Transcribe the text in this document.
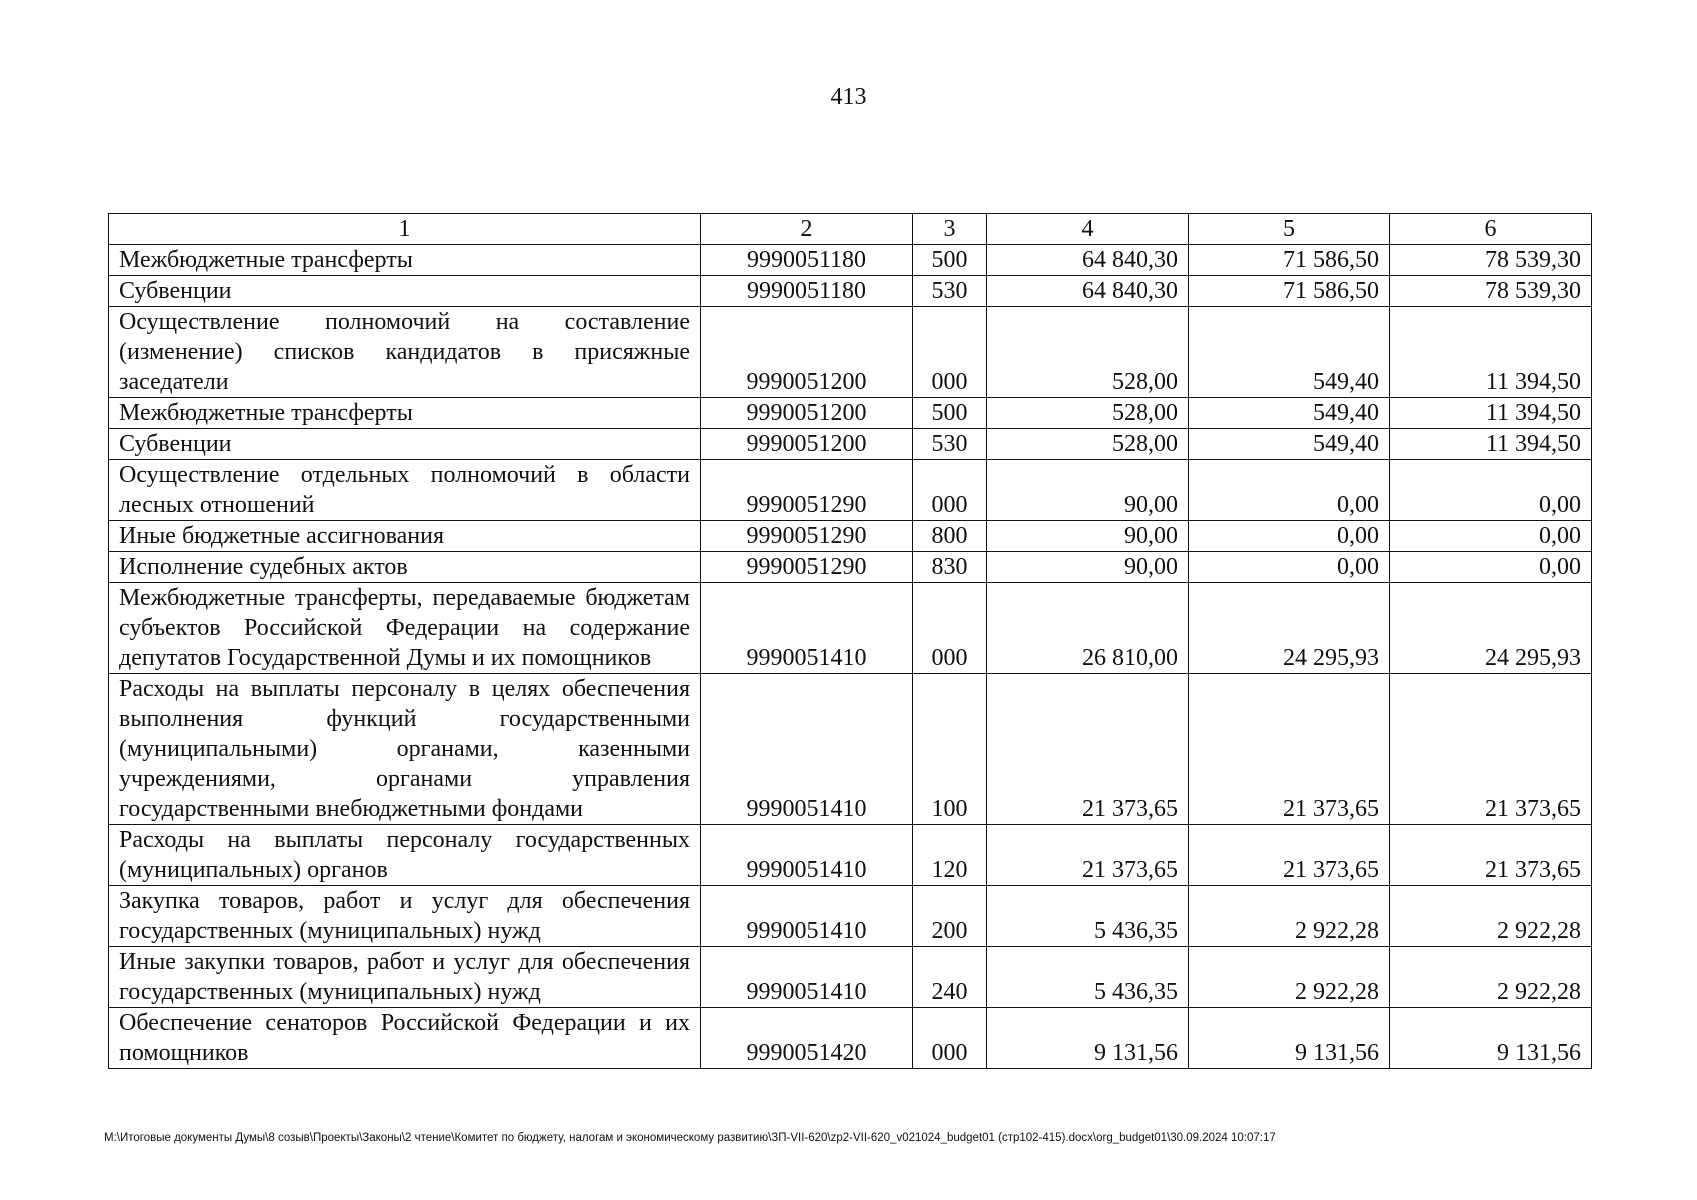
413
1	2	3	4	5	6
Межбюджетные трансферты	9990051180	500	64 840,30	71 586,50	78 539,30
Субвенции	9990051180	530	64 840,30	71 586,50	78 539,30
Осуществление полномочий на составление (изменение) списков кандидатов в присяжные заседатели	9990051200	000	528,00	549,40	11 394,50
Межбюджетные трансферты	9990051200	500	528,00	549,40	11 394,50
Субвенции	9990051200	530	528,00	549,40	11 394,50
Осуществление отдельных полномочий в области лесных отношений	9990051290	000	90,00	0,00	0,00
Иные бюджетные ассигнования	9990051290	800	90,00	0,00	0,00
Исполнение судебных актов	9990051290	830	90,00	0,00	0,00
Межбюджетные трансферты, передаваемые бюджетам субъектов Российской Федерации на содержание депутатов Государственной Думы и их помощников	9990051410	000	26 810,00	24 295,93	24 295,93
Расходы на выплаты персоналу в целях обеспечения выполнения функций государственными (муниципальными) органами, казенными учреждениями, органами управления государственными внебюджетными фондами	9990051410	100	21 373,65	21 373,65	21 373,65
Расходы на выплаты персоналу государственных (муниципальных) органов	9990051410	120	21 373,65	21 373,65	21 373,65
Закупка товаров, работ и услуг для обеспечения государственных (муниципальных) нужд	9990051410	200	5 436,35	2 922,28	2 922,28
Иные закупки товаров, работ и услуг для обеспечения государственных (муниципальных) нужд	9990051410	240	5 436,35	2 922,28	2 922,28
Обеспечение сенаторов Российской Федерации и их помощников	9990051420	000	9 131,56	9 131,56	9 131,56
M:\Итоговые документы Думы\8 созыв\Проекты\Законы\2 чтение\Комитет по бюджету, налогам и экономическому развитию\ЗП-VII-620\zp2-VII-620_v021024_budget01 (стр102-415).docx\org_budget01\30.09.2024 10:07:17
